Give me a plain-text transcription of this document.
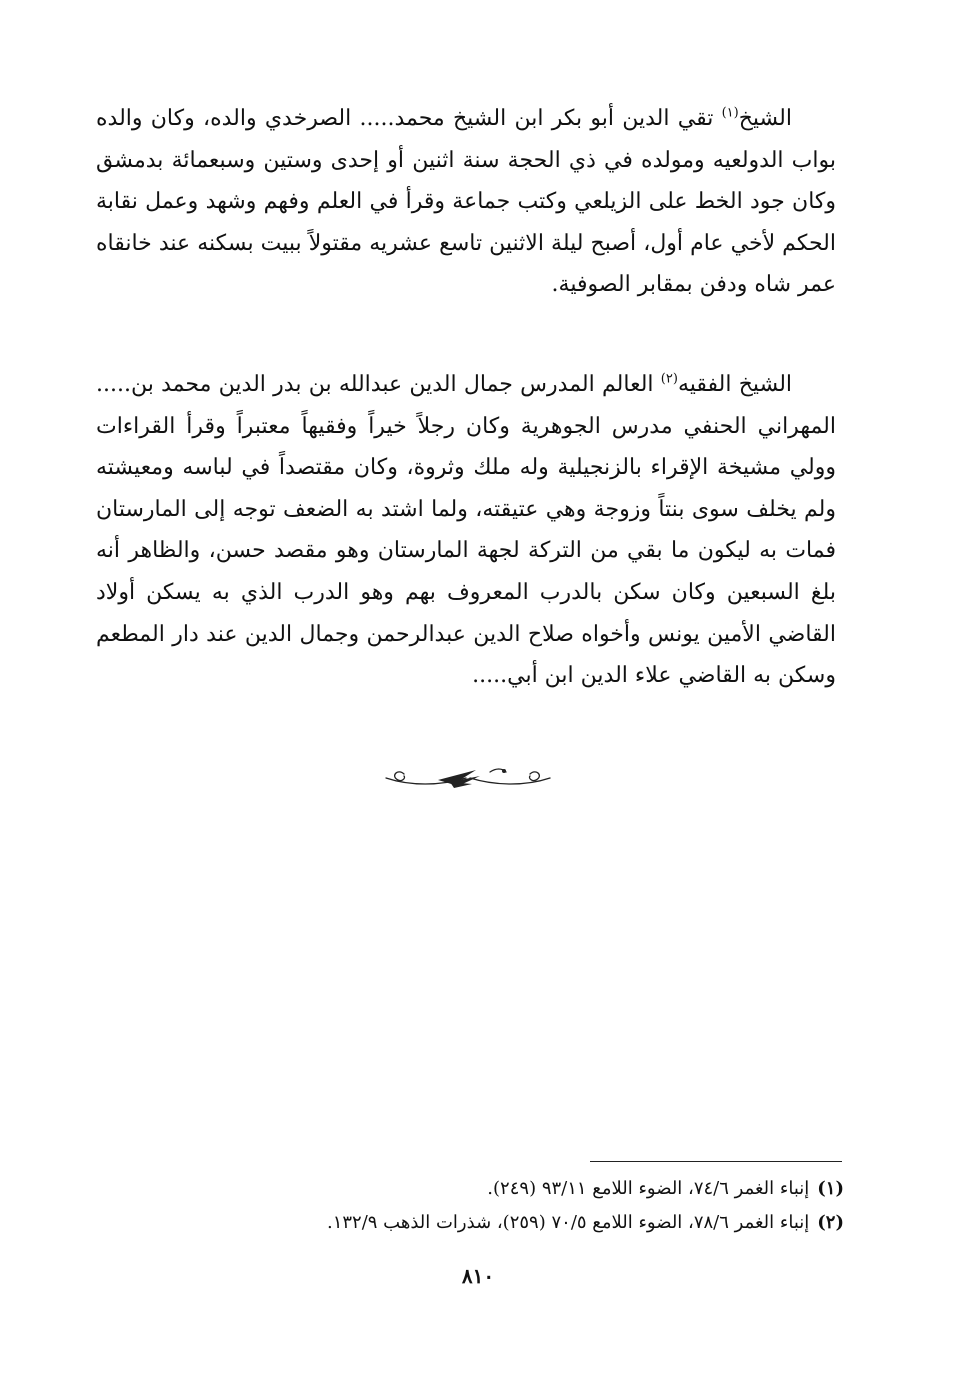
الشيخ$^{(١)}$ تقي الدين أبو بكر ابن الشيخ محمد..... الصرخدي والده، وكان والده بواب الدولعيه ومولده في ذي الحجة سنة اثنين أو إحدى وستين وسبعمائة بدمشق وكان جود الخط على الزيلعي وكتب جماعة وقرأ في العلم وفهم وشهد وعمل نقابة الحكم لأخي عام أول، أصبح ليلة الاثنين تاسع عشريه مقتولاً ببيت بسكنه عند خانقاه عمر شاه ودفن بمقابر الصوفية.

الشيخ الفقيه$^{(٢)}$ العالم المدرس جمال الدين عبدالله بن بدر الدين محمد بن..... المهراني الحنفي مدرس الجوهرية وكان رجلاً خيراً وفقيهاً معتبراً وقرأ القراءات وولي مشيخة الإقراء بالزنجيلية وله ملك وثروة، وكان مقتصداً في لباسه ومعيشته ولم يخلف سوى بنتاً وزوجة وهي عتيقته، ولما اشتد به الضعف توجه إلى المارستان فمات به ليكون ما بقي من التركة لجهة المارستان وهو مقصد حسن، والظاهر أنه بلغ السبعين وكان سكن بالدرب المعروف بهم وهو الدرب الذي به يسكن أولاد القاضي الأمين يونس وأخواه صلاح الدين عبدالرحمن وجمال الدين عند دار المطعم وسكن به القاضي علاء الدين ابن أبي.....

(١)إنباء الغمر ٧٤/٦، الضوء اللامع ٩٣/١١ (٢٤٩).

(٢)إنباء الغمر ٧٨/٦، الضوء اللامع ٧٠/٥ (٢٥٩)، شذرات الذهب ١٣٢/٩.

٨١٠
